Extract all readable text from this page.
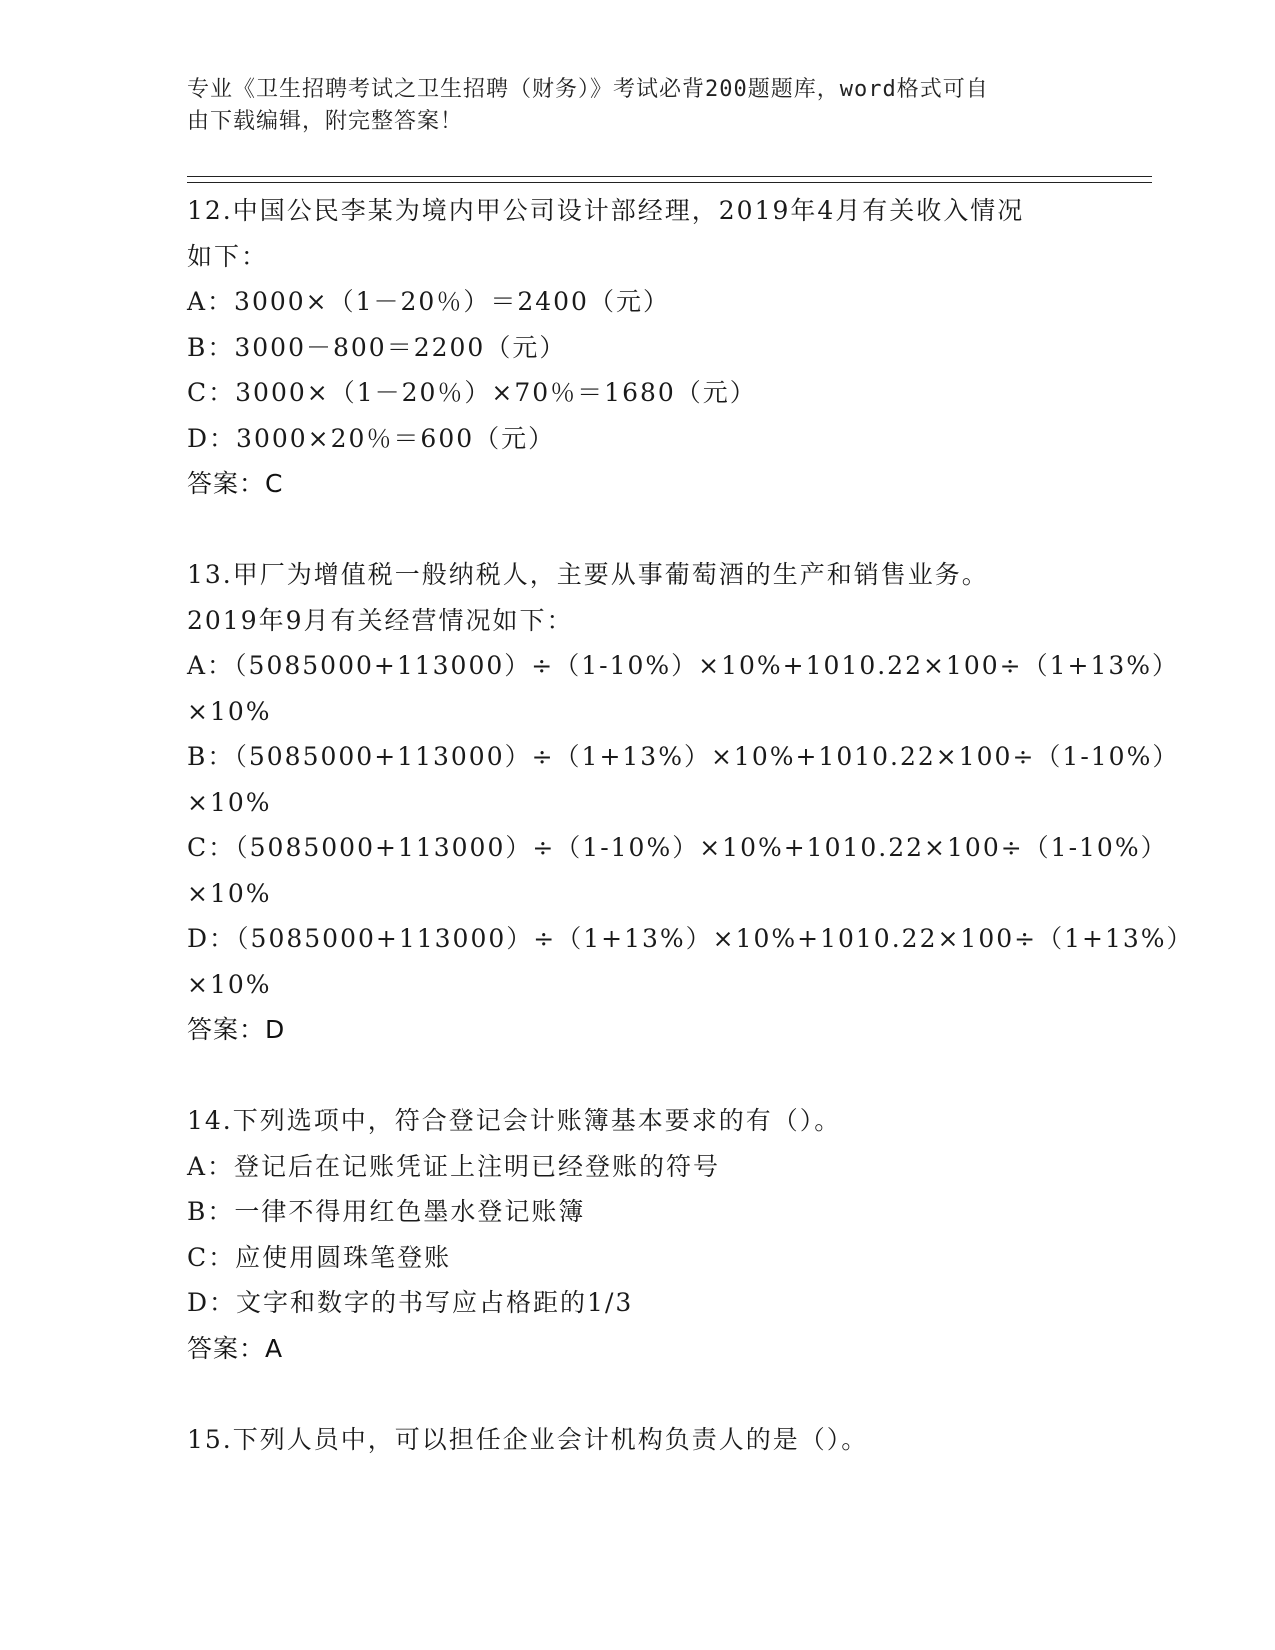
专业《卫生招聘考试之卫生招聘（财务）》考试必背200题题库，word格式可自
由下载编辑，附完整答案！
12.中国公民李某为境内甲公司设计部经理，2019年4月有关收入情况
如下：
A：3000×（1－20％）＝2400（元）
B：3000－800＝2200（元）
C：3000×（1－20％）×70％＝1680（元）
D：3000×20％＝600（元）
答案：C
13.甲厂为增值税一般纳税人，主要从事葡萄酒的生产和销售业务。
2019年9月有关经营情况如下：
A：（5085000+113000）÷（1-10%）×10%+1010.22×100÷（1+13%）
×10%
B：（5085000+113000）÷（1+13%）×10%+1010.22×100÷（1-10%）
×10%
C：（5085000+113000）÷（1-10%）×10%+1010.22×100÷（1-10%）
×10%
D：（5085000+113000）÷（1+13%）×10%+1010.22×100÷（1+13%）
×10%
答案：D
14.下列选项中，符合登记会计账簿基本要求的有（）。
A：登记后在记账凭证上注明已经登账的符号
B：一律不得用红色墨水登记账簿
C：应使用圆珠笔登账
D：文字和数字的书写应占格距的1/3
答案：A
15.下列人员中，可以担任企业会计机构负责人的是（）。
